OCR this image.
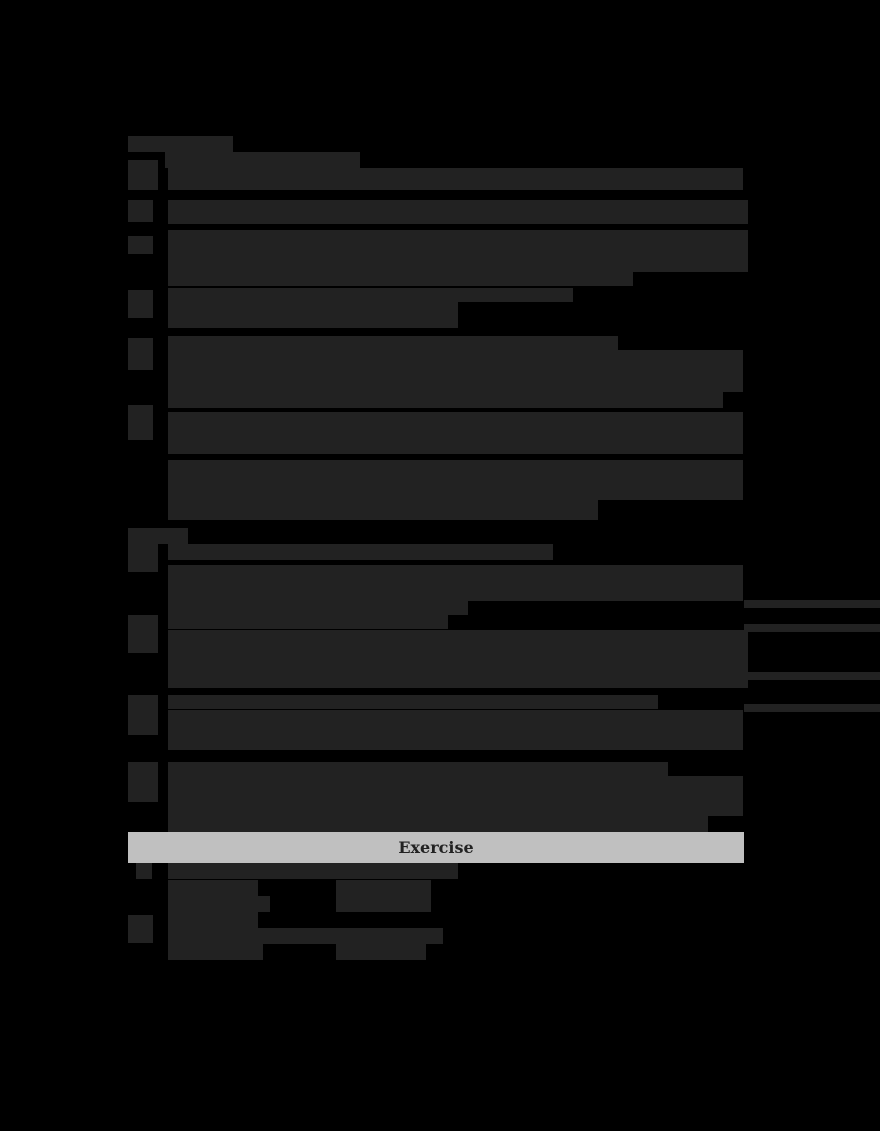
Exercise
